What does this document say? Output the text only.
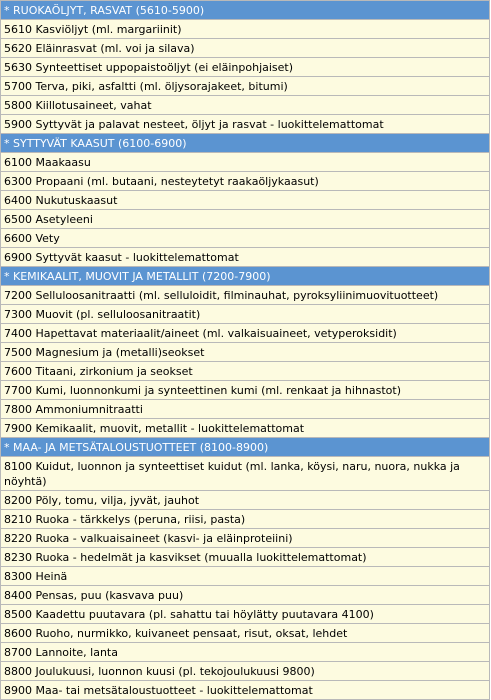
* RUOKAÖLJYT, RASVAT (5610-5900)
5610 Kasviöljyt (ml. margariinit)
5620 Eläinrasvat (ml. voi ja silava)
5630 Synteettiset uppopaistoöljyt (ei eläinpohjaiset)
5700 Terva, piki, asfaltti (ml. öljysorajakeet, bitumi)
5800 Kiillotusaineet, vahat
5900 Syttyvät ja palavat nesteet, öljyt ja rasvat - luokittelemattomat
* SYTTYVÄT KAASUT (6100-6900)
6100 Maakaasu
6300 Propaani (ml. butaani, nesteytetyt raakaöljykaasut)
6400 Nukutuskaasut
6500 Asetyleeni
6600 Vety
6900 Syttyvät kaasut - luokittelemattomat
* KEMIKAALIT, MUOVIT JA METALLIT (7200-7900)
7200 Selluloosanitraatti (ml. selluloidit, filminauhat, pyroksyliinimuovituotteet)
7300 Muovit (pl. selluloosanitraatit)
7400 Hapettavat materiaalit/aineet (ml. valkaisuaineet, vetyperoksidit)
7500 Magnesium ja (metalli)seokset
7600 Titaani, zirkonium ja seokset
7700 Kumi, luonnonkumi ja synteettinen kumi (ml. renkaat ja hihnastot)
7800 Ammoniumnitraatti
7900 Kemikaalit, muovit, metallit - luokittelemattomat
* MAA- JA METSÄTALOUSTUOTTEET (8100-8900)
8100 Kuidut, luonnon ja synteettiset kuidut (ml. lanka, köysi, naru, nuora, nukka ja nöyhtä)
8200 Pöly, tomu, vilja, jyvät, jauhot
8210 Ruoka - tärkkelys (peruna, riisi, pasta)
8220 Ruoka - valkuaisaineet (kasvi- ja eläinproteiini)
8230 Ruoka - hedelmät ja kasvikset (muualla luokittelemattomat)
8300 Heinä
8400 Pensas, puu (kasvava puu)
8500 Kaadettu puutavara (pl. sahattu tai höylätty puutavara 4100)
8600 Ruoho, nurmikko, kuivaneet pensaat, risut, oksat, lehdet
8700 Lannoite, lanta
8800 Joulukuusi, luonnon kuusi (pl. tekojoulukuusi 9800)
8900 Maa- tai metsätaloustuotteet - luokittelemattomat
